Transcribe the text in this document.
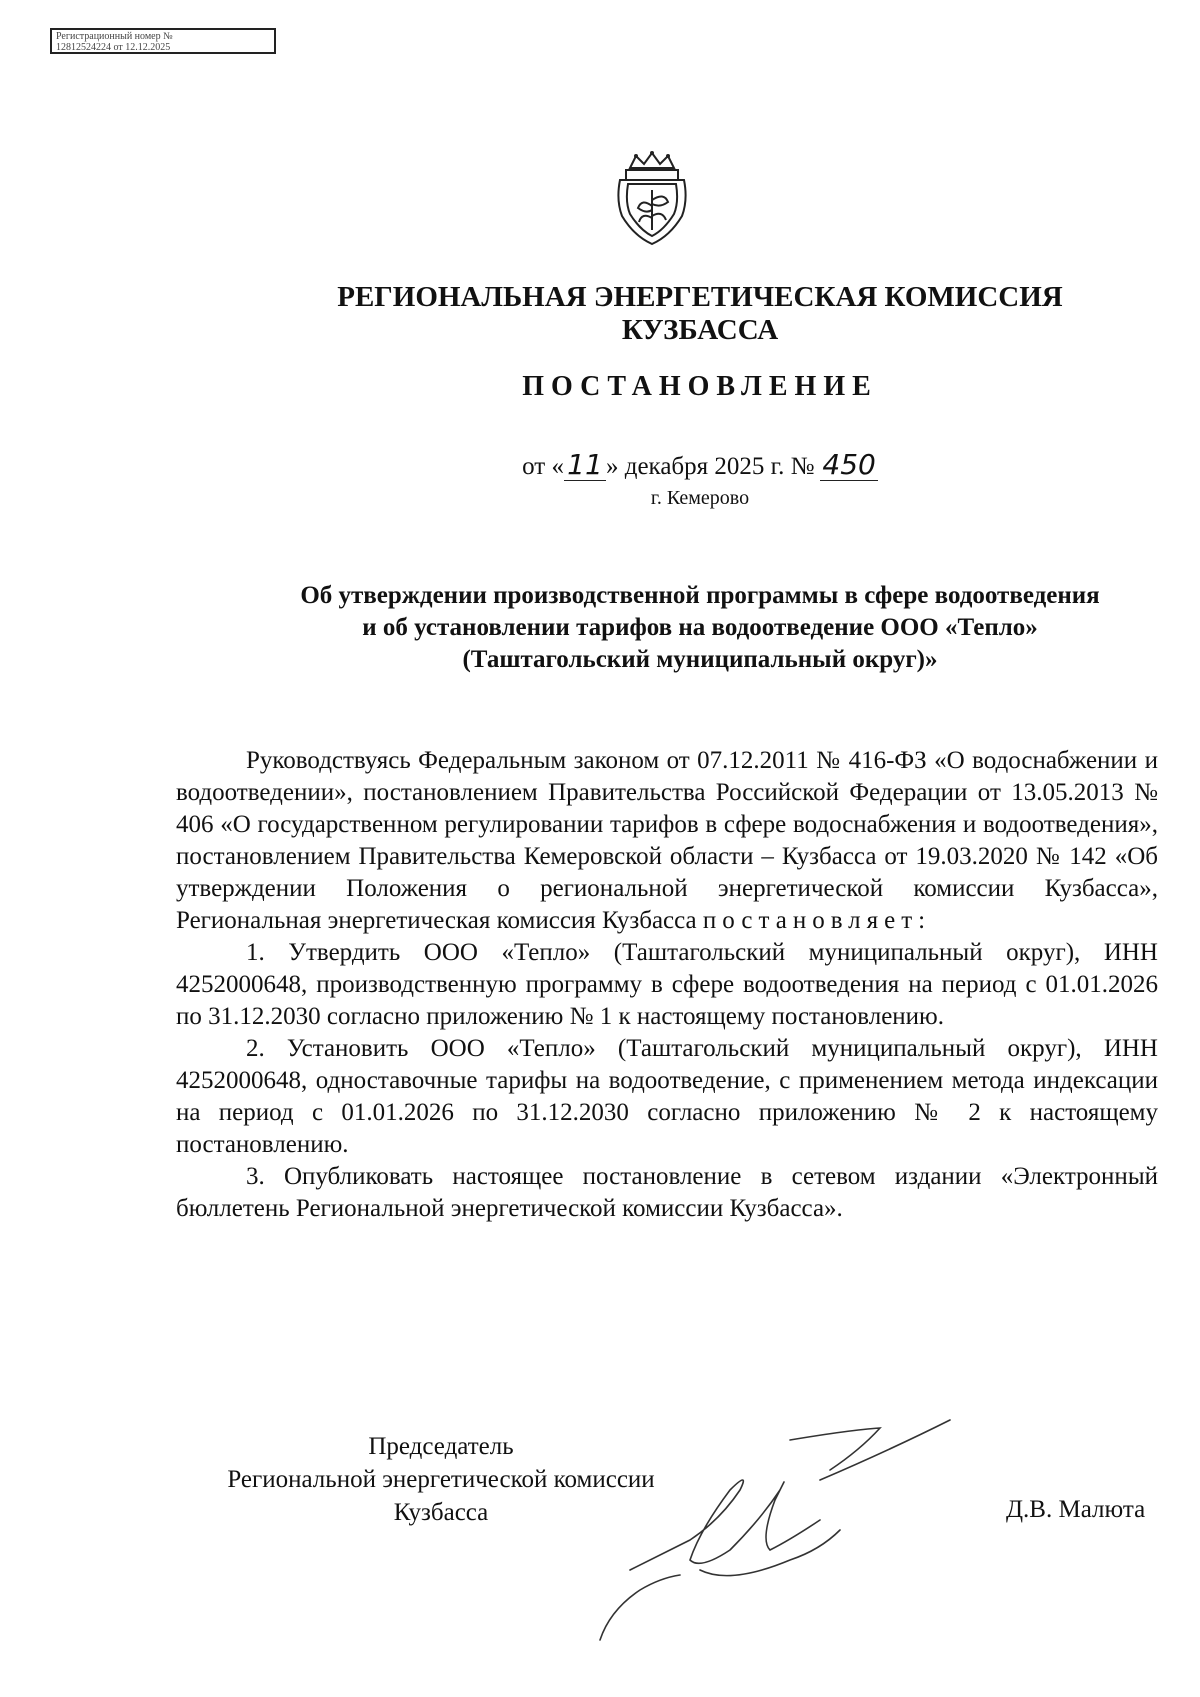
Регистрационный номер №
12812524224 от 12.12.2025
РЕГИОНАЛЬНАЯ ЭНЕРГЕТИЧЕСКАЯ КОМИССИЯ
КУЗБАССА
ПОСТАНОВЛЕНИЕ
от « 11 » декабря 2025 г. № 450
г. Кемерово
Об утверждении производственной программы в сфере водоотведения
и об установлении тарифов на водоотведение ООО «Тепло»
(Таштагольский муниципальный округ)»

Руководствуясь Федеральным законом от 07.12.2011 № 416-ФЗ «О водоснабжении и водоотведении», постановлением Правительства Российской Федерации от 13.05.2013 № 406 «О государственном регулировании тарифов в сфере водоснабжения и водоотведения», постановлением Правительства Кемеровской области – Кузбасса от 19.03.2020 № 142 «Об утверждении Положения о региональной энергетической комиссии Кузбасса», Региональная энергетическая комиссия Кузбасса постановляет:

1. Утвердить ООО «Тепло» (Таштагольский муниципальный округ), ИНН 4252000648, производственную программу в сфере водоотведения на период с 01.01.2026 по 31.12.2030 согласно приложению № 1 к настоящему постановлению.

2. Установить ООО «Тепло» (Таштагольский муниципальный округ), ИНН 4252000648, одноставочные тарифы на водоотведение, с применением метода индексации на период с 01.01.2026 по 31.12.2030 согласно приложению № 2 к настоящему постановлению.

3. Опубликовать настоящее постановление в сетевом издании «Электронный бюллетень Региональной энергетической комиссии Кузбасса».

Председатель
Региональной энергетической комиссии
Кузбасса	Д.В. Малюта
